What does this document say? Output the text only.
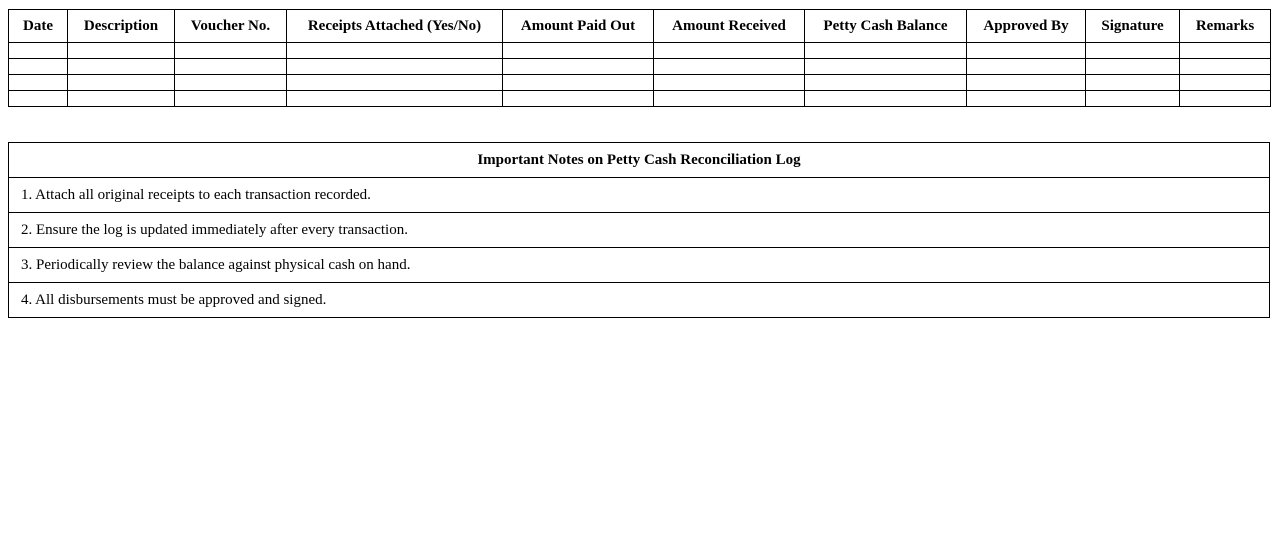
Date	Description	Voucher No.	Receipts Attached (Yes/No)	Amount Paid Out	Amount Received	Petty Cash Balance	Approved By	Signature	Remarks

Important Notes on Petty Cash Reconciliation Log
1. Attach all original receipts to each transaction recorded.
2. Ensure the log is updated immediately after every transaction.
3. Periodically review the balance against physical cash on hand.
4. All disbursements must be approved and signed.
